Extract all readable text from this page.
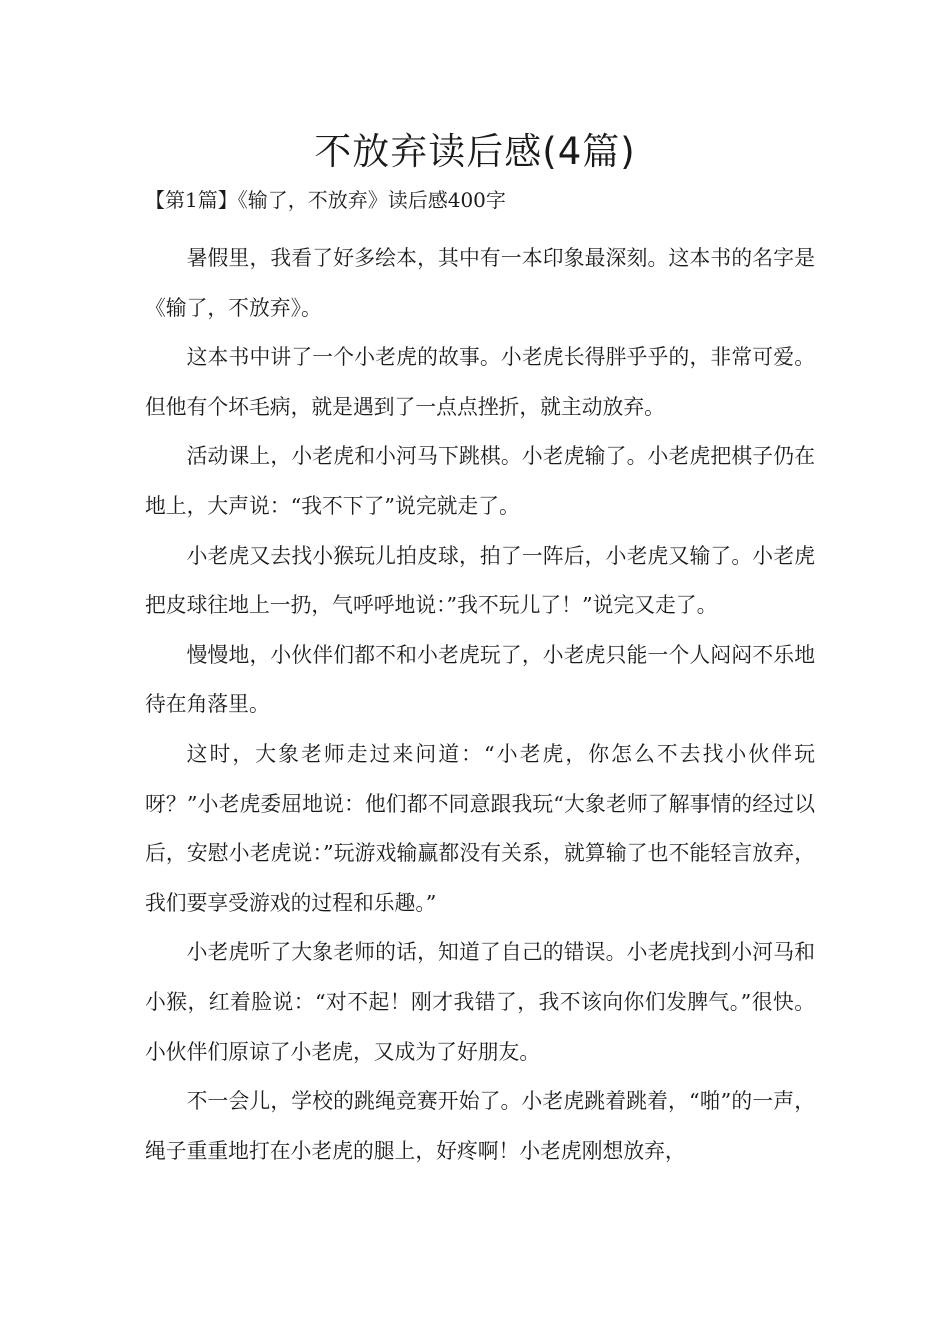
不放弃读后感(4篇)
【第1篇】《输了，不放弃》读后感400字

暑假里，我看了好多绘本，其中有一本印象最深刻。这本书的名字是《输了，不放弃》。

这本书中讲了一个小老虎的故事。小老虎长得胖乎乎的，非常可爱。但他有个坏毛病，就是遇到了一点点挫折，就主动放弃。

活动课上，小老虎和小河马下跳棋。小老虎输了。小老虎把棋子仍在地上，大声说：“我不下了”说完就走了。

小老虎又去找小猴玩儿拍皮球，拍了一阵后，小老虎又输了。小老虎把皮球往地上一扔，气呼呼地说：”我不玩儿了！”说完又走了。

慢慢地，小伙伴们都不和小老虎玩了，小老虎只能一个人闷闷不乐地待在角落里。

这时，大象老师走过来问道：“小老虎，你怎么不去找小伙伴玩呀？”小老虎委屈地说：他们都不同意跟我玩“大象老师了解事情的经过以后，安慰小老虎说：”玩游戏输赢都没有关系，就算输了也不能轻言放弃，我们要享受游戏的过程和乐趣。”

小老虎听了大象老师的话，知道了自己的错误。小老虎找到小河马和小猴，红着脸说：“对不起！刚才我错了，我不该向你们发脾气。”很快。小伙伴们原谅了小老虎，又成为了好朋友。

不一会儿，学校的跳绳竞赛开始了。小老虎跳着跳着，“啪”的一声，绳子重重地打在小老虎的腿上，好疼啊！小老虎刚想放弃，
